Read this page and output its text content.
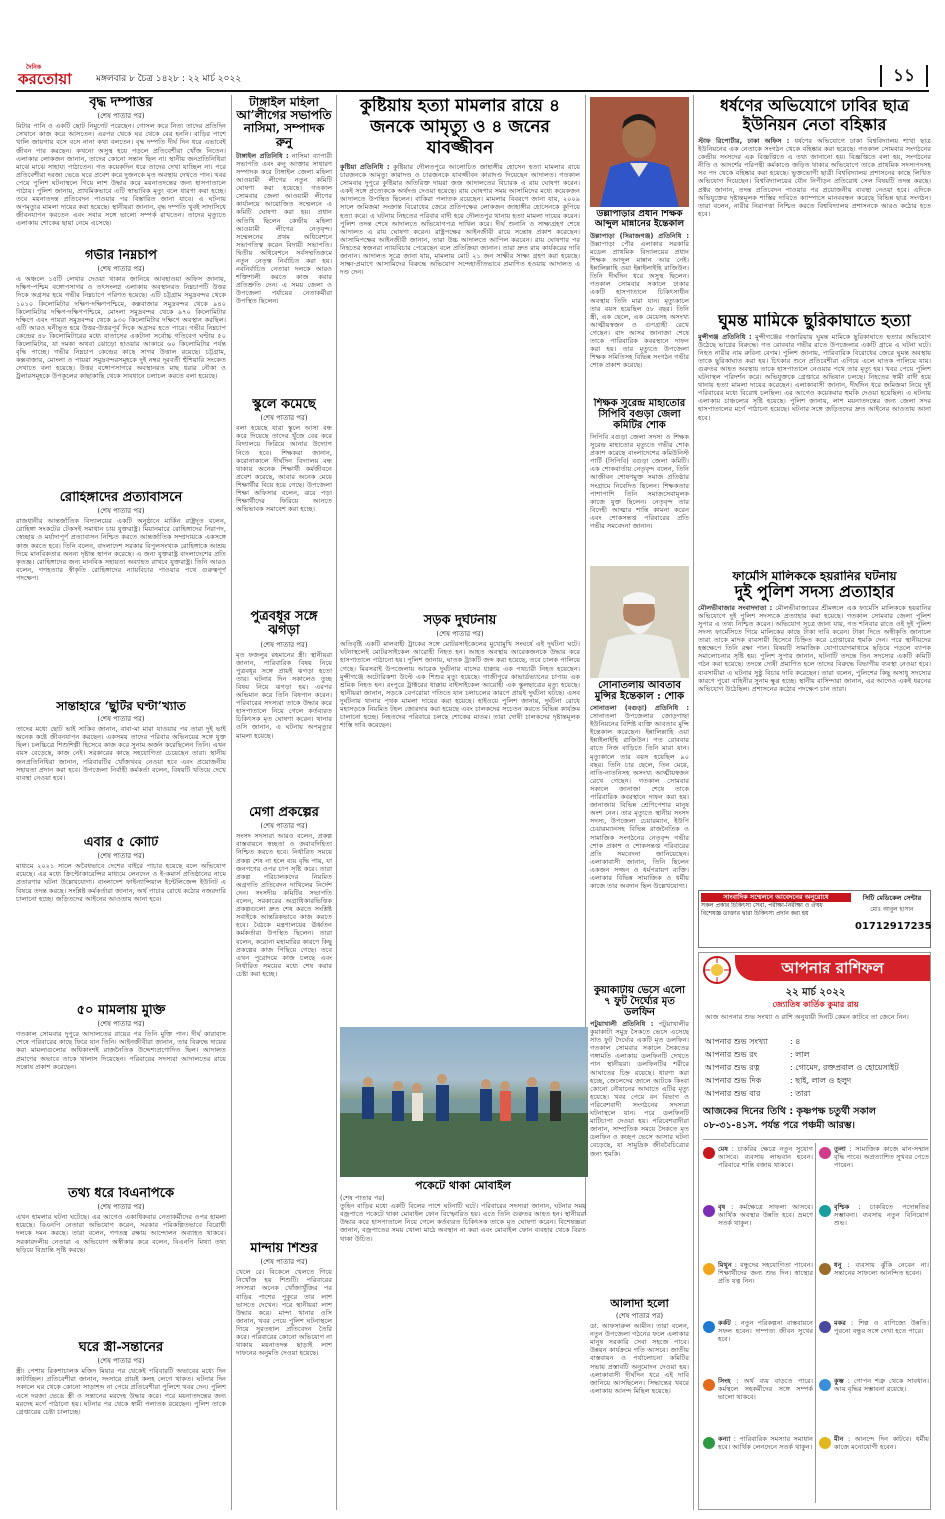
দৈনিক
করতোয়া	মঙ্গলবার ৮ চৈত্র ১৪২৮ : ২২ মার্চ ২০২২	১১
বৃদ্ধ দম্পত্তির
(শেষ পাতার পর)
মিটার পানি ও একটি ছোট নিমুগেট পরেছেন। গোসল করে নিত্য তাদের প্রতিদিন সেখানে কাজ করে আসতেন। এরপর থেকে ঘর থেকে বের হননি। বাড়ির পাশে খালি জায়গায় বসে বসে নানা কথা বলতেন। বৃদ্ধ দম্পতি দীর্ঘ দিন ধরে এভাবেই জীবন পার করছেন। কখনো অসুস্থ হয়ে পড়লে প্রতিবেশীরা খোঁজ নিতেন। এলাকার লোকজন জানান, তাদের কোনো সন্তান ছিল না। স্থানীয় জনপ্রতিনিধিরা মাঝে মাঝে সাহায্য পাঠাতেন। গত কয়েকদিন ধরে তাদের দেখা যাচ্ছিল না। পরে প্রতিবেশীরা দরজা ভেঙে ঘরে প্রবেশ করে দুজনকে মৃত অবস্থায় দেখতে পান। খবর পেয়ে পুলিশ ঘটনাস্থলে গিয়ে লাশ উদ্ধার করে ময়নাতদন্তের জন্য হাসপাতালে পাঠায়। পুলিশ জানায়, প্রাথমিকভাবে এটি স্বাভাবিক মৃত্যু বলে ধারণা করা হচ্ছে। তবে ময়নাতদন্ত প্রতিবেদন পাওয়ার পর বিস্তারিত জানা যাবে। এ ঘটনায় অপমৃত্যুর মামলা দায়ের করা হয়েছে। স্থানীয়রা জানান, বৃদ্ধ দম্পতি খুবই সাদাসিধে জীবনযাপন করতেন এবং সবার সঙ্গে ভালো সম্পর্ক রাখতেন। তাদের মৃত্যুতে এলাকায় শোকের ছায়া নেমে এসেছে।
গভীর নিম্নচাপ
(শেষ পাতার পর)
এ অঞ্চলে ১৫টি লেখার দেওয়া থাকার জানিয়ে আবহাওয়া অফিস জানায়, দক্ষিণ-পশ্চিম বঙ্গোপসাগর ও তৎসংলগ্ন এলাকায় অবস্থানরত নিম্নচাপটি উত্তর দিকে অগ্রসর হয়ে গভীর নিম্নচাপে পরিণত হয়েছে। এটি চট্টগ্রাম সমুদ্রবন্দর থেকে ১০১০ কিলোমিটার দক্ষিণ-দক্ষিণপশ্চিমে, কক্সবাজার সমুদ্রবন্দর থেকে ৯৪০ কিলোমিটার দক্ষিণ-দক্ষিণপশ্চিমে, মোংলা সমুদ্রবন্দর থেকে ৯৭০ কিলোমিটার দক্ষিণে এবং পায়রা সমুদ্রবন্দর থেকে ৯৩০ কিলোমিটার দক্ষিণে অবস্থান করছিল। এটি আরও ঘনীভূত হয়ে উত্তর-উত্তরপূর্ব দিকে অগ্রসর হতে পারে। গভীর নিম্নচাপ কেন্দ্রের ৪৮ কিলোমিটারের মধ্যে বাতাসের একটানা সর্বোচ্চ গতিবেগ ঘণ্টায় ৫০ কিলোমিটার, যা দমকা অথবা ঝোড়ো হাওয়ার আকারে ৬০ কিলোমিটার পর্যন্ত বৃদ্ধি পাচ্ছে। গভীর নিম্নচাপ কেন্দ্রের কাছে সাগর উত্তাল রয়েছে। চট্টগ্রাম, কক্সবাজার, মোংলা ও পায়রা সমুদ্রবন্দরসমূহকে দুই নম্বর দূরবর্তী হুঁশিয়ারি সংকেত দেখাতে বলা হয়েছে। উত্তর বঙ্গোপসাগরে অবস্থানরত মাছ ধরার নৌকা ও ট্রলারসমূহকে উপকূলের কাছাকাছি থেকে সাবধানে চলাচল করতে বলা হয়েছে।
রোহিঙ্গাদের প্রত্যাবাসনে
(শেষ পাতার পর)
রাজধানীর আন্তর্জাতিক বিদ্যালয়ের একটি অনুষ্ঠানে মার্কিন রাষ্ট্রদূত বলেন, রোহিঙ্গা সংকটের টেকসই সমাধান চায় যুক্তরাষ্ট্র। মিয়ানমারে রোহিঙ্গাদের নিরাপদ, স্বেচ্ছায় ও মর্যাদাপূর্ণ প্রত্যাবাসন নিশ্চিত করতে আন্তর্জাতিক সম্প্রদায়কে একসঙ্গে কাজ করতে হবে। তিনি বলেন, বাংলাদেশ সরকার বিপুলসংখ্যক রোহিঙ্গাকে আশ্রয় দিয়ে মানবিকতার অনন্য দৃষ্টান্ত স্থাপন করেছে। এ জন্য যুক্তরাষ্ট্র বাংলাদেশের প্রতি কৃতজ্ঞ। রোহিঙ্গাদের জন্য মানবিক সহায়তা অব্যাহত রাখবে যুক্তরাষ্ট্র। তিনি আরও বলেন, গণহত্যার স্বীকৃতি রোহিঙ্গাদের ন্যায়বিচার পাওয়ার পথে গুরুত্বপূর্ণ পদক্ষেপ।
সান্তাহারে ‘ছুটির ঘণ্টা’খ্যাত
(শেষ পাতার পর)
তাদের মধ্যে ছোট ভাই সাকিব জানান, বাবা-মা মারা যাওয়ার পর তারা দুই ভাই অনেক কষ্টে জীবনযাপন করছেন। একসময় তাদের পরিবার অভিনয়ের সঙ্গে যুক্ত ছিল। চলচ্চিত্রে শিশুশিল্পী হিসেবে কাজ করে সুনাম অর্জন করেছিলেন তিনি। এখন বয়স বেড়েছে, কাজ নেই। সরকারের কাছে সহযোগিতা চেয়েছেন তারা। স্থানীয় জনপ্রতিনিধিরা জানান, পরিবারটির খোঁজখবর নেওয়া হবে এবং প্রয়োজনীয় সহায়তা প্রদান করা হবে। উপজেলা নির্বাহী কর্মকর্তা বলেন, বিষয়টি খতিয়ে দেখে ব্যবস্থা নেওয়া হবে।
এবার ৫ কোটি
(শেষ পাতার পর)
মাধ্যমে ২০২১ সালে অবৈধভাবে দেশের বাইরে পাচার হয়েছে বলে অভিযোগ রয়েছে। এর মধ্যে ক্রিপ্টোকারেন্সির মাধ্যমে লেনদেন ও ই-কমার্স প্রতিষ্ঠানের নামে প্রতারণার ঘটনা উল্লেখযোগ্য। বাংলাদেশ ফাইন্যান্সিয়াল ইন্টেলিজেন্স ইউনিট এ বিষয়ে তদন্ত করছে। সংশ্লিষ্ট কর্মকর্তারা জানান, অর্থ পাচার রোধে কঠোর নজরদারি চালানো হচ্ছে। জড়িতদের আইনের আওতায় আনা হবে।
৫০ মামলায় মুক্তি
(শেষ পাতার পর)
গতকাল সোমবার দুপুরে আদালতের রায়ের পর তিনি মুক্তি পান। দীর্ঘ কারাবাস শেষে পরিবারের কাছে ফিরে যান তিনি। আইনজীবীরা জানান, তার বিরুদ্ধে দায়ের করা মামলাগুলোর অধিকাংশই রাজনৈতিক উদ্দেশ্যপ্রণোদিত ছিল। আদালত প্রমাণের অভাবে তাকে খালাস দিয়েছেন। পরিবারের সদস্যরা আদালতের রায়ে সন্তোষ প্রকাশ করেছেন।
তথ্য ধরে বিএনপিকে
(শেষ পাতার পর)
এখন হামলার ঘটনা ঘটেছে। এর আগেও একাধিকবার নেতাকর্মীদের ওপর হামলা হয়েছে। বিএনপি নেতারা অভিযোগ করেন, সরকার পরিকল্পিতভাবে বিরোধী দলকে দমন করছে। তারা বলেন, গণতন্ত্র রক্ষায় আন্দোলন অব্যাহত থাকবে। সরকারদলীয় নেতারা এ অভিযোগ অস্বীকার করে বলেন, বিএনপি মিথ্যা তথ্য ছড়িয়ে বিভ্রান্তি সৃষ্টি করছে।
ঘরে স্ত্রী-সন্তানের
(শেষ পাতার পর)
স্ত্রী। পেশায় রিকশাচালক মজিদ মিয়ার পর থেকেই পরিবারটি অভাবের মধ্যে দিন কাটাচ্ছিল। প্রতিবেশীরা জানান, সংসারে প্রায়ই কলহ লেগে থাকত। ঘটনার দিন সকালে ঘর থেকে কোনো সাড়াশব্দ না পেয়ে প্রতিবেশীরা পুলিশে খবর দেন। পুলিশ এসে দরজা ভেঙে স্ত্রী ও সন্তানের মরদেহ উদ্ধার করে। পরে ময়নাতদন্তের জন্য মরদেহ মর্গে পাঠানো হয়। ঘটনার পর থেকে স্বামী পলাতক রয়েছেন। পুলিশ তাকে গ্রেপ্তারের চেষ্টা চালাচ্ছে।
টাঙ্গাইল মহিলা আ’লীগের সভাপতি নাসিমা, সম্পাদক রুনু
টাঙ্গাইল প্রতিনিধি : নাসিমা ব্যাপারী সভাপতি এবং রুনু আক্তার সাধারণ সম্পাদক করে টাঙ্গাইল জেলা মহিলা আওয়ামী লীগের নতুন কমিটি ঘোষণা করা হয়েছে। গতকাল সোমবার জেলা আওয়ামী লীগের কার্যালয়ে আয়োজিত সম্মেলনে এ কমিটি ঘোষণা করা হয়। প্রধান অতিথি ছিলেন কেন্দ্রীয় মহিলা আওয়ামী লীগের নেতৃবৃন্দ। সম্মেলনের প্রথম অধিবেশনে সভাপতিত্ব করেন বিদায়ী সভাপতি। দ্বিতীয় অধিবেশনে সর্বসম্মতিক্রমে নতুন নেতৃত্ব নির্বাচিত করা হয়। নবনির্বাচিত নেতারা দলকে আরও শক্তিশালী করতে কাজ করার প্রতিশ্রুতি দেন। এ সময় জেলা ও উপজেলা পর্যায়ের নেতাকর্মীরা উপস্থিত ছিলেন।
স্কুলে কমেছে
(শেষ পাতার পর)
বলা হয়েছে যারা স্কুলে আসা বন্ধ করে দিয়েছে তাদের খুঁজে বের করে বিদ্যালয়ে ফিরিয়ে আনার উদ্যোগ নিতে হবে। শিক্ষকরা জানান, করোনাকালে দীর্ঘদিন বিদ্যালয় বন্ধ থাকায় অনেক শিক্ষার্থী কর্মজীবনে প্রবেশ করেছে, আবার অনেক মেয়ে শিক্ষার্থীর বিয়ে হয়ে গেছে। উপজেলা শিক্ষা অফিসার বলেন, ঝরে পড়া শিক্ষার্থীদের ফিরিয়ে আনতে অভিভাবক সমাবেশ করা হচ্ছে।
পুত্রবধূর সঙ্গে ঝগড়া
(শেষ পাতার পর)
মৃত ফজলুর রহমানের স্ত্রী। স্থানীয়রা জানান, পারিবারিক বিষয় নিয়ে পুত্রবধূর সঙ্গে প্রায়ই ঝগড়া হতো তার। ঘটনার দিন সকালেও তুচ্ছ বিষয় নিয়ে ঝগড়া হয়। এরপর অভিমান করে তিনি বিষপান করেন। পরিবারের সদস্যরা তাকে উদ্ধার করে হাসপাতালে নিয়ে গেলে কর্তব্যরত চিকিৎসক মৃত ঘোষণা করেন। থানার ওসি জানান, এ ঘটনায় অপমৃত্যুর মামলা হয়েছে।
মেগা প্রকল্পের
(শেষ পাতার পর)
সংসদ সদস্যরা আরও বলেন, প্রকল্প বাস্তবায়নে স্বচ্ছতা ও জবাবদিহিতা নিশ্চিত করতে হবে। নির্ধারিত সময়ে প্রকল্প শেষ না হলে ব্যয় বৃদ্ধি পায়, যা জনগণের ওপর চাপ সৃষ্টি করে। তারা প্রকল্প পরিচালকদের নিয়মিত অগ্রগতি প্রতিবেদন দাখিলের নির্দেশ দেন। সংসদীয় কমিটির সভাপতি বলেন, সরকারের অগ্রাধিকারভিত্তিক প্রকল্পগুলো দ্রুত শেষ করতে সংশ্লিষ্ট সবাইকে আন্তরিকভাবে কাজ করতে হবে। বৈঠকে মন্ত্রণালয়ের ঊর্ধ্বতন কর্মকর্তারা উপস্থিত ছিলেন। তারা বলেন, করোনা মহামারির কারণে কিছু প্রকল্পের কাজ পিছিয়ে গেছে। তবে এখন পুরোদমে কাজ চলছে এবং নির্ধারিত সময়ের মধ্যে শেষ করার চেষ্টা করা হচ্ছে।
মান্দায় শিশুর
(শেষ পাতার পর)
খেলে রে। বিকেলে খেলতে গিয়ে নিখোঁজ হয় শিশুটি। পরিবারের সদস্যরা অনেক খোঁজাখুঁজির পর বাড়ির পাশের পুকুরে তার লাশ ভাসতে দেখেন। পরে স্থানীয়রা লাশ উদ্ধার করে। মান্দা থানার ওসি জানান, খবর পেয়ে পুলিশ ঘটনাস্থলে গিয়ে সুরতহাল প্রতিবেদন তৈরি করে। পরিবারের কোনো অভিযোগ না থাকায় ময়নাতদন্ত ছাড়াই লাশ দাফনের অনুমতি দেওয়া হয়েছে।
কুষ্টিয়ায় হত্যা মামলার রায়ে ৪ জনকে আমৃত্যু ও ৪ জনের যাবজ্জীবন
কুষ্টিয়া প্রতিনিধি : কুষ্টিয়ার দৌলতপুরে আলোচিত জাহাঙ্গীর হোসেন হত্যা মামলার রায়ে চারজনকে আমৃত্যু কারাদণ্ড ও চারজনকে যাবজ্জীবন কারাদণ্ড দিয়েছেন আদালত। গতকাল সোমবার দুপুরে কুষ্টিয়ার অতিরিক্ত দায়রা জজ আদালতের বিচারক এ রায় ঘোষণা করেন। একই সঙ্গে প্রত্যেককে অর্থদণ্ড দেওয়া হয়েছে। রায় ঘোষণার সময় আসামিদের মধ্যে কয়েকজন আদালতে উপস্থিত ছিলেন। বাকিরা পলাতক রয়েছেন। মামলার বিবরণে জানা যায়, ২০০৯ সালে জমিজমা সংক্রান্ত বিরোধের জেরে প্রতিপক্ষের লোকজন জাহাঙ্গীর হোসেনকে কুপিয়ে হত্যা করে। এ ঘটনায় নিহতের পরিবার বাদী হয়ে দৌলতপুর থানায় হত্যা মামলা দায়ের করেন। পুলিশ তদন্ত শেষে আদালতে অভিযোগপত্র দাখিল করে। দীর্ঘ শুনানি ও সাক্ষ্যগ্রহণ শেষে আদালত এ রায় ঘোষণা করেন। রাষ্ট্রপক্ষের আইনজীবী রায়ে সন্তোষ প্রকাশ করেছেন। আসামিপক্ষের আইনজীবী জানান, তারা উচ্চ আদালতে আপিল করবেন। রায় ঘোষণার পর নিহতের স্বজনরা ন্যায়বিচার পেয়েছেন বলে প্রতিক্রিয়া জানান। তারা দ্রুত রায় কার্যকরের দাবি জানান। আদালত সূত্রে জানা যায়, মামলায় মোট ২১ জন সাক্ষীর সাক্ষ্য গ্রহণ করা হয়েছে। সাক্ষ্য-প্রমাণে আসামিদের বিরুদ্ধে অভিযোগ সন্দেহাতীতভাবে প্রমাণিত হওয়ায় আদালত এ দণ্ড দেন।
সড়ক দুর্ঘটনায়
(শেষ পাতার পর)
অতিবৃষ্টি একটি মালবাহী ট্রাকের সঙ্গে মোটরসাইকেলের মুখোমুখি সংঘর্ষে এই দুর্ঘটনা ঘটে। ঘটনাস্থলেই মোটরসাইকেল আরোহী নিহত হন। আহত অবস্থায় আরেকজনকে উদ্ধার করে হাসপাতালে পাঠানো হয়। পুলিশ জানায়, ঘাতক ট্রাকটি জব্দ করা হয়েছে, তবে চালক পালিয়ে গেছে। মিরসরাই উপজেলায় আরেক দুর্ঘটনায় বাসের ধাক্কায় এক পথচারী নিহত হয়েছেন। মুন্সীগঞ্জে অটোরিকশা উল্টে এক শিশুর মৃত্যু হয়েছে। গাজীপুরে কাভার্ডভ্যানের চাপায় এক শ্রমিক নিহত হন। রংপুরে ট্রাক্টরের ধাক্কায় বাইসাইকেল আরোহী এক স্কুলছাত্রের মৃত্যু হয়েছে। স্থানীয়রা জানান, সড়কে বেপরোয়া গতিতে যান চলাচলের কারণে প্রায়ই দুর্ঘটনা ঘটছে। এসব দুর্ঘটনায় থানায় পৃথক মামলা দায়ের করা হয়েছে। হাইওয়ে পুলিশ জানায়, দুর্ঘটনা রোধে মহাসড়কে নিয়মিত টহল জোরদার করা হয়েছে এবং চালকদের সচেতন করতে বিভিন্ন কার্যক্রম চালানো হচ্ছে। নিহতদের পরিবারে চলছে শোকের মাতম। তারা দোষী চালকদের দৃষ্টান্তমূলক শাস্তি দাবি করেছেন।
পকেটে থাকা মোবাইল
(শেষ পাতার পর)
তুহিন বাড়ির মধ্যে একটি বিলের পাশে ঘটনাটি ঘটে। পরিবারের সদস্যরা জানান, ঘটনার সময় বজ্রপাতে পকেটে থাকা মোবাইল ফোন বিস্ফোরিত হয়। এতে তিনি গুরুতর আহত হন। স্থানীয়রা উদ্ধার করে হাসপাতালে নিয়ে গেলে কর্তব্যরত চিকিৎসক তাকে মৃত ঘোষণা করেন। বিশেষজ্ঞরা জানান, বজ্রপাতের সময় খোলা মাঠে অবস্থান না করা এবং মোবাইল ফোন ব্যবহার থেকে বিরত থাকা উচিত।
উল্লাপাড়ার প্রধান শিক্ষক আব্দুল মান্নানের ইন্তেকাল
উল্লাপাড়া (সিরাজগঞ্জ) প্রতিনিধি : উল্লাপাড়া পৌর এলাকার সরকারি মডেল প্রাথমিক বিদ্যালয়ের প্রধান শিক্ষক আব্দুল মান্নান আর নেই। ইন্নালিল্লাহি ওয়া ইন্নাইলাইহি রাজিউন। তিনি দীর্ঘদিন ধরে অসুস্থ ছিলেন। গতকাল সোমবার সকালে ঢাকার একটি হাসপাতালে চিকিৎসাধীন অবস্থায় তিনি মারা যান। মৃত্যুকালে তার বয়স হয়েছিল ৫৮ বছর। তিনি স্ত্রী, এক ছেলে, এক মেয়েসহ অসংখ্য আত্মীয়স্বজন ও গুণগ্রাহী রেখে গেছেন। বাদ আসর জানাজা শেষে তাকে পারিবারিক কবরস্থানে দাফন করা হয়। তার মৃত্যুতে উপজেলা শিক্ষক সমিতিসহ বিভিন্ন সংগঠন গভীর শোক প্রকাশ করেছে।
শিক্ষক সুরেন্দ্র মাহাতোর সিপিবি বগুড়া জেলা কমিটির শোক
সিপিবি বগুড়া জেলা সদস্য ও শিক্ষক সুরেন্দ্র মাহাতোর মৃত্যুতে গভীর শোক প্রকাশ করেছে বাংলাদেশের কমিউনিস্ট পার্টি (সিপিবি) বগুড়া জেলা কমিটি। এক শোকবার্তায় নেতৃবৃন্দ বলেন, তিনি আজীবন শোষণমুক্ত সমাজ প্রতিষ্ঠার সংগ্রামে নিবেদিত ছিলেন। শিক্ষকতার পাশাপাশি তিনি সমাজসেবামূলক কাজে যুক্ত ছিলেন। নেতৃবৃন্দ তার বিদেহী আত্মার শান্তি কামনা করেন এবং শোকসন্তপ্ত পরিবারের প্রতি গভীর সমবেদনা জানান।
সোনাতলায় আবতাব মুন্সির ইন্তেকাল : শোক
সোনাতলা (বগুড়া) প্রতিনিধি : সোনাতলা উপজেলার জোড়গাছা ইউনিয়নের বিশিষ্ট ব্যক্তি আবতাব মুন্সি ইন্তেকাল করেছেন। ইন্নালিল্লাহি ওয়া ইন্নাইলাইহি রাজিউন। গত রোববার রাতে নিজ বাড়িতে তিনি মারা যান। মৃত্যুকালে তার বয়স হয়েছিল ৯০ বছর। তিনি চার ছেলে, তিন মেয়ে, নাতি-নাতনিসহ অসংখ্য আত্মীয়স্বজন রেখে গেছেন। গতকাল সোমবার সকালে জানাজা শেষে তাকে পারিবারিক কবরস্থানে দাফন করা হয়। জানাজায় বিভিন্ন শ্রেণিপেশার মানুষ অংশ নেন। তার মৃত্যুতে স্থানীয় সংসদ সদস্য, উপজেলা চেয়ারম্যান, ইউপি চেয়ারম্যানসহ বিভিন্ন রাজনৈতিক ও সামাজিক সংগঠনের নেতৃবৃন্দ গভীর শোক প্রকাশ ও শোকসন্তপ্ত পরিবারের প্রতি সমবেদনা জানিয়েছেন। এলাকাবাসী জানান, তিনি ছিলেন একজন সজ্জন ও ধর্মপরায়ণ ব্যক্তি। এলাকার বিভিন্ন সামাজিক ও ধর্মীয় কাজে তার অবদান ছিল উল্লেখযোগ্য।
কুয়াকাটায় ভেসে এলো ৭ ফুট দৈর্ঘ্যের মৃত ডলফিন
পটুয়াখালী প্রতিনিধি : পটুয়াখালীর কুয়াকাটা সমুদ্র সৈকতে ভেসে এসেছে সাত ফুট দৈর্ঘ্যের একটি মৃত ডলফিন। গতকাল সোমবার সকালে সৈকতের গঙ্গামতি এলাকায় ডলফিনটি দেখতে পান স্থানীয়রা। ডলফিনটির শরীরে আঘাতের চিহ্ন রয়েছে। ধারণা করা হচ্ছে, জেলেদের জালে আটকে কিংবা কোনো নৌযানের আঘাতে এটির মৃত্যু হয়েছে। খবর পেয়ে বন বিভাগ ও পরিবেশবাদী সংগঠনের সদস্যরা ঘটনাস্থলে যান। পরে ডলফিনটি মাটিচাপা দেওয়া হয়। পরিবেশবাদীরা জানান, সাম্প্রতিক সময়ে সৈকতে মৃত ডলফিন ও কচ্ছপ ভেসে আসার ঘটনা বেড়েছে, যা সামুদ্রিক জীববৈচিত্র্যের জন্য হুমকি।
আলাদা হলো
(শেষ পাতার পর)
ডা. আফসারুল আমীন। তারা বলেন, নতুন উপজেলা গঠনের ফলে এলাকার মানুষ সরকারি সেবা সহজে পাবে। উন্নয়ন কার্যক্রমে গতি আসবে। জাতীয় বাস্তবায়ন ও পর্যালোচনা কমিটির সভায় প্রস্তাবটি অনুমোদন দেওয়া হয়। এলাকাবাসী দীর্ঘদিন ধরে এই দাবি জানিয়ে আসছিলেন। সিদ্ধান্তের খবরে এলাকায় আনন্দ মিছিল হয়েছে।
ধর্ষণের অভিযোগে ঢাবির ছাত্র ইউনিয়ন নেতা বহিষ্কার
স্টাফ রিপোর্টার, ঢাকা অফিস : ধর্ষণের অভিযোগে ঢাকা বিশ্ববিদ্যালয় শাখা ছাত্র ইউনিয়নের এক নেতাকে সংগঠন থেকে বহিষ্কার করা হয়েছে। গতকাল সোমবার সংগঠনের কেন্দ্রীয় সংসদের এক বিজ্ঞপ্তিতে এ তথ্য জানানো হয়। বিজ্ঞপ্তিতে বলা হয়, সংগঠনের নীতি ও আদর্শের পরিপন্থী কর্মকাণ্ডে জড়িত থাকার অভিযোগে তাকে প্রাথমিক সদস্যপদসহ সব পদ থেকে বহিষ্কার করা হয়েছে। ভুক্তভোগী ছাত্রী বিশ্ববিদ্যালয় প্রশাসনের কাছে লিখিত অভিযোগ দিয়েছেন। বিশ্ববিদ্যালয়ের যৌন নিপীড়ন প্রতিরোধ সেল বিষয়টি তদন্ত করছে। প্রক্টর জানান, তদন্ত প্রতিবেদন পাওয়ার পর প্রয়োজনীয় ব্যবস্থা নেওয়া হবে। এদিকে অভিযুক্তের দৃষ্টান্তমূলক শাস্তির দাবিতে ক্যাম্পাসে মানববন্ধন করেছে বিভিন্ন ছাত্র সংগঠন। তারা বলেন, নারীর নিরাপত্তা নিশ্চিত করতে বিশ্ববিদ্যালয় প্রশাসনকে আরও কঠোর হতে হবে।
ঘুমন্ত মামিকে ছুরিকাঘাতে হত্যা
মুন্সীগঞ্জ প্রতিনিধি : মুন্সীগঞ্জের গজারিয়ায় ঘুমন্ত মামিকে ছুরিকাঘাতে হত্যার অভিযোগ উঠেছে ভাগ্নের বিরুদ্ধে। গত রোববার গভীর রাতে উপজেলার একটি গ্রামে এ ঘটনা ঘটে। নিহত নারীর নাম রুবিনা বেগম। পুলিশ জানায়, পারিবারিক বিরোধের জেরে ঘুমন্ত অবস্থায় তাকে ছুরিকাঘাত করা হয়। চিৎকার শুনে প্রতিবেশীরা এগিয়ে এলে ঘাতক পালিয়ে যায়। গুরুতর আহত অবস্থায় তাকে হাসপাতালে নেওয়ার পথে তার মৃত্যু হয়। খবর পেয়ে পুলিশ ঘটনাস্থল পরিদর্শন করে। অভিযুক্তকে গ্রেপ্তারে অভিযান চলছে। নিহতের স্বামী বাদী হয়ে থানায় হত্যা মামলা দায়ের করেছেন। এলাকাবাসী জানান, দীর্ঘদিন ধরে জমিজমা নিয়ে দুই পরিবারের মধ্যে বিরোধ চলছিল। এর আগেও কয়েকবার হুমকি দেওয়া হয়েছিল। এ ঘটনায় এলাকায় চাঞ্চল্যের সৃষ্টি হয়েছে। পুলিশ জানায়, লাশ ময়নাতদন্তের জন্য জেলা সদর হাসপাতালের মর্গে পাঠানো হয়েছে। ঘটনার সঙ্গে জড়িতদের দ্রুত আইনের আওতায় আনা হবে।
ফার্মেসি মালিককে হয়রানির ঘটনায়
দুই পুলিশ সদস্য প্রত্যাহার
মৌলভীবাজার সংবাদদাতা : মৌলভীবাজারের শ্রীমঙ্গলে এক ফার্মেসি মালিককে হয়রানির অভিযোগে দুই পুলিশ সদস্যকে প্রত্যাহার করা হয়েছে। গতকাল সোমবার জেলা পুলিশ সুপার এ তথ্য নিশ্চিত করেন। অভিযোগ সূত্রে জানা যায়, গত শনিবার রাতে ওই দুই পুলিশ সদস্য ফার্মেসিতে গিয়ে মালিকের কাছে টাকা দাবি করেন। টাকা দিতে অস্বীকৃতি জানালে তারা তাকে মাদক ব্যবসায়ী হিসেবে চিহ্নিত করে গ্রেপ্তারের হুমকি দেন। পরে স্থানীয়দের হস্তক্ষেপে তিনি রক্ষা পান। বিষয়টি সামাজিক যোগাযোগমাধ্যমে ছড়িয়ে পড়লে ব্যাপক সমালোচনার সৃষ্টি হয়। পুলিশ সুপার জানান, ঘটনাটি তদন্তে তিন সদস্যের একটি কমিটি গঠন করা হয়েছে। তদন্তে দোষী প্রমাণিত হলে তাদের বিরুদ্ধে বিভাগীয় ব্যবস্থা নেওয়া হবে। ব্যবসায়ীরা এ ঘটনার সুষ্ঠু বিচার দাবি করেছেন। তারা বলেন, পুলিশের কিছু অসাধু সদস্যের কারণে পুরো বাহিনীর সুনাম ক্ষুণ্ণ হচ্ছে। স্থানীয় বাসিন্দারা জানান, এর আগেও একই ধরনের অভিযোগ উঠেছিল। প্রশাসনের কঠোর পদক্ষেপ চান তারা।
সাংবাদিক সম্মেলনে আবেদনের অনুরোধে
সকল প্রকার চিকিৎসা সেবা, পরীক্ষা-নিরীক্ষা ও ঔষধ
বিশেষজ্ঞ ডাক্তার দ্বারা চিকিৎসা প্রদান করা হয়
সিটি মেডিকেল সেন্টার
মোঃ আবুল হাসান
01712917235
আপনার রাশিফল
২২ মার্চ ২০২২
জ্যোতিষ কার্তিক কুমার রায়
আজ আপনার শুভ সংখ্যা ও রাশি অনুযায়ী দিনটি কেমন কাটবে তা জেনে নিন।
আপনার শুভ সংখ্যা	: ৪
আপনার শুভ রং	: লাল
আপনার শুভ রত্ন	: গোমেদ, রক্তপ্রবাল ও হোয়েসাইট
আপনার শুভ দিক	: ছাই, লাল ও হলুদ
আপনার শুভ বার	: তারা
আজকের দিনের তিথি : কৃষ্ণপক্ষ চতুর্থী সকাল ০৮-৩১-৪১স. পর্যন্ত পরে পঞ্চমী আরম্ভ।
মেষ : চাকরির ক্ষেত্রে নতুন সুযোগ আসবে। ব্যবসায় লাভবান হবেন। পরিবারে শান্তি বজায় থাকবে।
বৃষ : কর্মক্ষেত্রে সাফল্য আসবে। আর্থিক অবস্থার উন্নতি হবে। ভ্রমণে সতর্ক থাকুন।
মিথুন : বন্ধুদের সহযোগিতা পাবেন। শিক্ষার্থীদের জন্য শুভ দিন। স্বাস্থ্যের প্রতি যত্ন নিন।
কর্কট : নতুন পরিকল্পনা বাস্তবায়নে সফল হবেন। দাম্পত্য জীবন সুখের হবে।
সিংহ : অর্থ ব্যয় বাড়তে পারে। কর্মস্থলে সহকর্মীদের সঙ্গে সম্পর্ক ভালো থাকবে।
কন্যা : পারিবারিক সমস্যার সমাধান হবে। আর্থিক লেনদেনে সতর্ক থাকুন।
তুলা : সামাজিক কাজে মান-সম্মান বৃদ্ধি পাবে। অপ্রত্যাশিত সুখবর পেতে পারেন।
বৃশ্চিক : চাকরিতে পদোন্নতির সম্ভাবনা। ব্যবসায় নতুন বিনিয়োগ শুভ।
ধনু : ব্যবসায় ঝুঁকি নেবেন না। সন্তানের সাফল্যে আনন্দিত হবেন।
মকর : শিল্প ও বাণিজ্যে উন্নতি। পুরনো বন্ধুর সঙ্গে দেখা হতে পারে।
কুম্ভ : গোপন শত্রু থেকে সাবধান। আয় বৃদ্ধির সম্ভাবনা রয়েছে।
মীন : আনন্দে দিন কাটবে। ধর্মীয় কাজে মনোযোগী হবেন।
